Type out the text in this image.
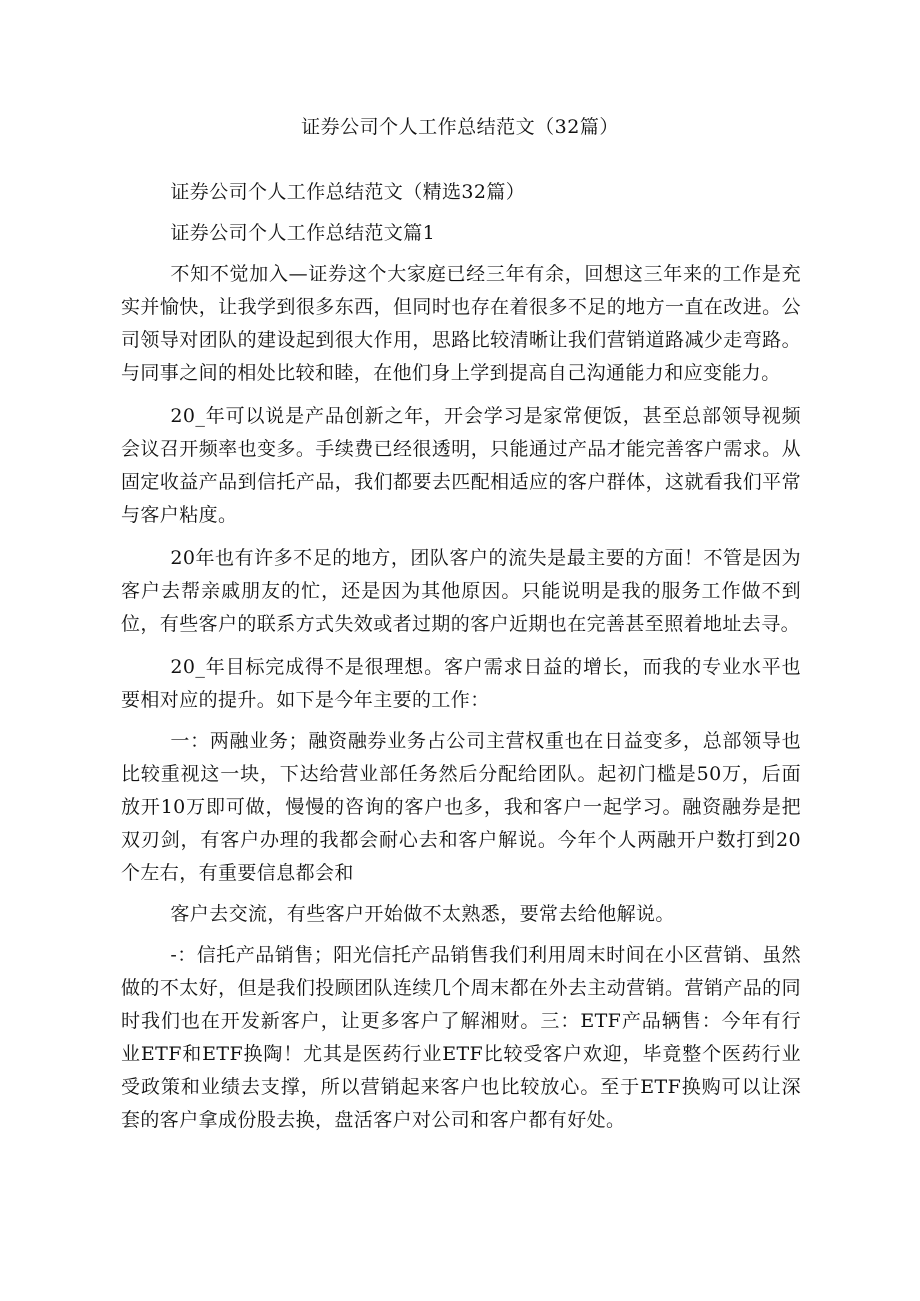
证券公司个人工作总结范文（32篇）

证券公司个人工作总结范文（精选32篇）

证券公司个人工作总结范文篇1

不知不觉加入—证券这个大家庭已经三年有余，回想这三年来的工作是充实并愉快，让我学到很多东西，但同时也存在着很多不足的地方一直在改进。公司领导对团队的建设起到很大作用，思路比较清晰让我们营销道路减少走弯路。与同事之间的相处比较和睦，在他们身上学到提高自己沟通能力和应变能力。

20_年可以说是产品创新之年，开会学习是家常便饭，甚至总部领导视频会议召开频率也变多。手续费已经很透明，只能通过产品才能完善客户需求。从固定收益产品到信托产品，我们都要去匹配相适应的客户群体，这就看我们平常与客户粘度。

20年也有许多不足的地方，团队客户的流失是最主要的方面！不管是因为客户去帮亲戚朋友的忙，还是因为其他原因。只能说明是我的服务工作做不到位，有些客户的联系方式失效或者过期的客户近期也在完善甚至照着地址去寻。

20_年目标完成得不是很理想。客户需求日益的增长，而我的专业水平也要相对应的提升。如下是今年主要的工作：

一：两融业务；融资融券业务占公司主营权重也在日益变多，总部领导也比较重视这一块，下达给营业部任务然后分配给团队。起初门槛是50万，后面放开10万即可做，慢慢的咨询的客户也多，我和客户一起学习。融资融券是把双刃剑，有客户办理的我都会耐心去和客户解说。今年个人两融开户数打到20个左右，有重要信息都会和

客户去交流，有些客户开始做不太熟悉，要常去给他解说。

-：信托产品销售；阳光信托产品销售我们利用周末时间在小区营销、虽然做的不太好，但是我们投顾团队连续几个周末都在外去主动营销。营销产品的同时我们也在开发新客户，让更多客户了解湘财。三：ETF产品辆售：今年有行业ETF和ETF换陶！尤其是医药行业ETF比较受客户欢迎，毕竟整个医药行业受政策和业绩去支撑，所以营销起来客户也比较放心。至于ETF换购可以让深套的客户拿成份股去换，盘活客户对公司和客户都有好处。
